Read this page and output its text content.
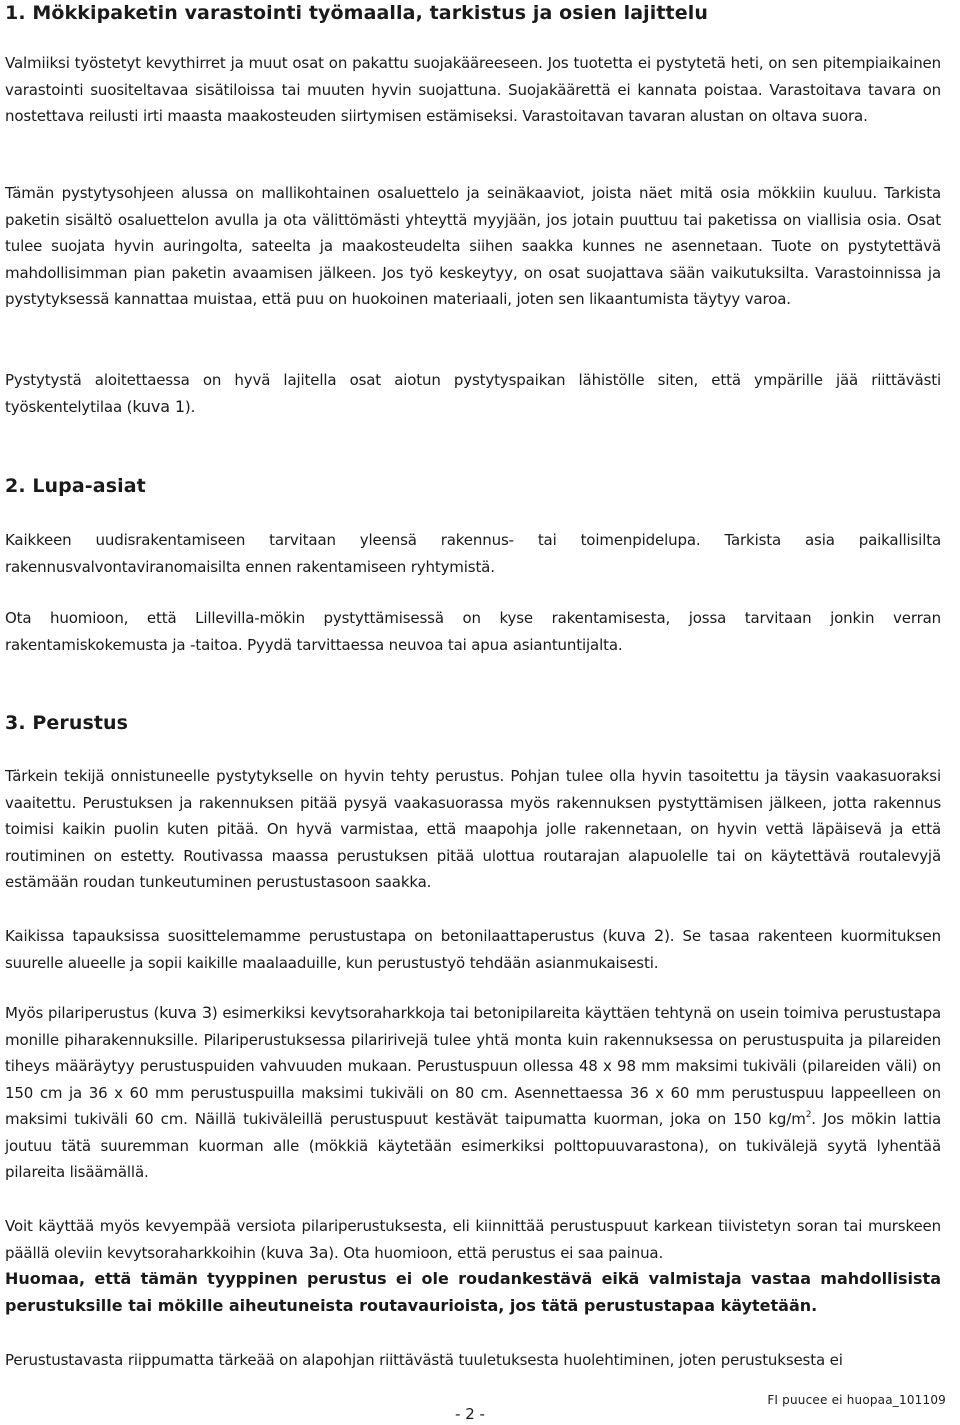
1. Mökkipaketin varastointi työmaalla, tarkistus ja osien lajittelu

Valmiiksi työstetyt kevythirret ja muut osat on pakattu suojakääreeseen. Jos tuotetta ei pystytetä heti, on sen pitempiaikainen varastointi suositeltavaa sisätiloissa tai muuten hyvin suojattuna. Suojakäärettä ei kannata poistaa. Varastoitava tavara on nostettava reilusti irti maasta maakosteuden siirtymisen estämiseksi. Varastoitavan tavaran alustan on oltava suora.

Tämän pystytysohjeen alussa on mallikohtainen osaluettelo ja seinäkaaviot, joista näet mitä osia mökkiin kuuluu. Tarkista paketin sisältö osaluettelon avulla ja ota välittömästi yhteyttä myyjään, jos jotain puuttuu tai paketissa on viallisia osia. Osat tulee suojata hyvin auringolta, sateelta ja maakosteudelta siihen saakka kunnes ne asennetaan. Tuote on pystytettävä mahdollisimman pian paketin avaamisen jälkeen. Jos työ keskeytyy, on osat suojattava sään vaikutuksilta. Varastoinnissa ja pystytyksessä kannattaa muistaa, että puu on huokoinen materiaali, joten sen likaantumista täytyy varoa.

Pystytystä aloitettaessa on hyvä lajitella osat aiotun pystytyspaikan lähistölle siten, että ympärille jää riittävästi työskentelytilaa (kuva 1).

2. Lupa-asiat

Kaikkeen uudisrakentamiseen tarvitaan yleensä rakennus- tai toimenpidelupa. Tarkista asia paikallisilta rakennusvalvontaviranomaisilta ennen rakentamiseen ryhtymistä.

Ota huomioon, että Lillevilla-mökin pystyttämisessä on kyse rakentamisesta, jossa tarvitaan jonkin verran rakentamiskokemusta ja -taitoa. Pyydä tarvittaessa neuvoa tai apua asiantuntijalta.

3. Perustus

Tärkein tekijä onnistuneelle pystytykselle on hyvin tehty perustus. Pohjan tulee olla hyvin tasoitettu ja täysin vaakasuoraksi vaaitettu. Perustuksen ja rakennuksen pitää pysyä vaakasuorassa myös rakennuksen pystyttämisen jälkeen, jotta rakennus toimisi kaikin puolin kuten pitää. On hyvä varmistaa, että maapohja jolle rakennetaan, on hyvin vettä läpäisevä ja että routiminen on estetty. Routivassa maassa perustuksen pitää ulottua routarajan alapuolelle tai on käytettävä routalevyjä estämään roudan tunkeutuminen perustustasoon saakka.

Kaikissa tapauksissa suosittelemamme perustustapa on betonilaattaperustus (kuva 2). Se tasaa rakenteen kuormituksen suurelle alueelle ja sopii kaikille maalaaduille, kun perustustyö tehdään asianmukaisesti.

Myös pilariperustus (kuva 3) esimerkiksi kevytsoraharkkoja tai betonipilareita käyttäen tehtynä on usein toimiva perustustapa monille piharakennuksille. Pilariperustuksessa pilaririvejä tulee yhtä monta kuin rakennuksessa on perustuspuita ja pilareiden tiheys määräytyy perustuspuiden vahvuuden mukaan. Perustuspuun ollessa 48 x 98 mm maksimi tukiväli (pilareiden väli) on 150 cm ja 36 x 60 mm perustuspuilla maksimi tukiväli on 80 cm. Asennettaessa 36 x 60 mm perustuspuu lappeelleen on maksimi tukiväli 60 cm. Näillä tukiväleillä perustuspuut kestävät taipumatta kuorman, joka on 150 $kg/m^2$. Jos mökin lattia joutuu tätä suuremman kuorman alle (mökkiä käytetään esimerkiksi polttopuuvarastona), on tukivälejä syytä lyhentää pilareita lisäämällä.

Voit käyttää myös kevyempää versiota pilariperustuksesta, eli kiinnittää perustuspuut karkean tiivistetyn soran tai murskeen päällä oleviin kevytsoraharkkoihin (kuva 3a). Ota huomioon, että perustus ei saa painua.

Huomaa, että tämän tyyppinen perustus ei ole roudankestävä eikä valmistaja vastaa mahdollisista perustuksille tai mökille aiheutuneista routavaurioista, jos tätä perustustapaa käytetään.

Perustustavasta riippumatta tärkeää on alapohjan riittävästä tuuletuksesta huolehtiminen, joten perustuksesta ei

FI puucee ei huopaa_101109
- 2 -
